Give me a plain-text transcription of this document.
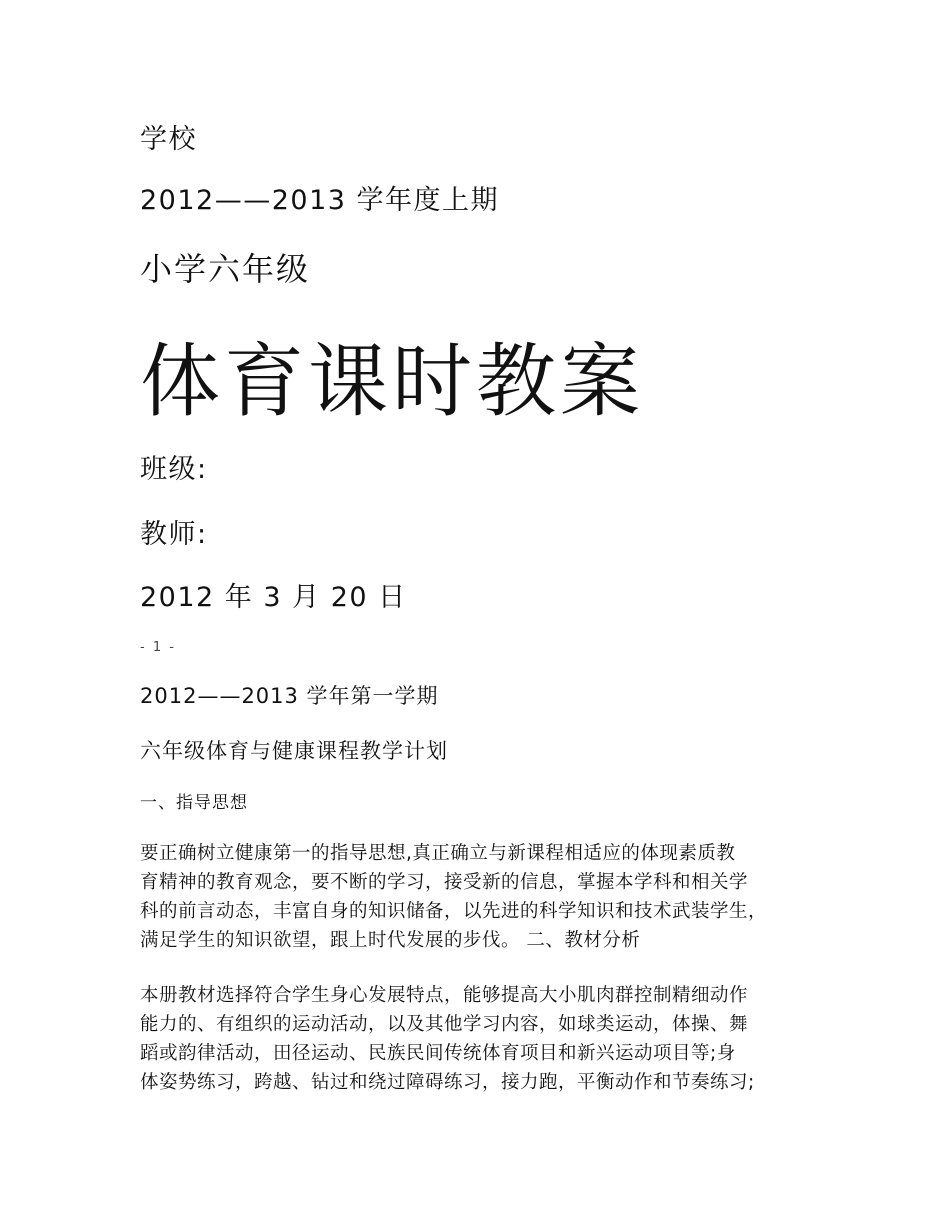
学校
2012——2013 学年度上期
小学六年级
体育课时教案
班级:
教师:
2012 年 3 月 20 日
- 1 -
2012——2013 学年第一学期
六年级体育与健康课程教学计划
一、指导思想
要正确树立健康第一的指导思想,真正确立与新课程相适应的体现素质教
育精神的教育观念，要不断的学习，接受新的信息，掌握本学科和相关学
科的前言动态，丰富自身的知识储备，以先进的科学知识和技术武装学生，
满足学生的知识欲望，跟上时代发展的步伐。 二、教材分析
本册教材选择符合学生身心发展特点，能够提高大小肌肉群控制精细动作
能力的、有组织的运动活动，以及其他学习内容，如球类运动，体操、舞
蹈或韵律活动，田径运动、民族民间传统体育项目和新兴运动项目等;身
体姿势练习，跨越、钻过和绕过障碍练习，接力跑，平衡动作和节奏练习;
